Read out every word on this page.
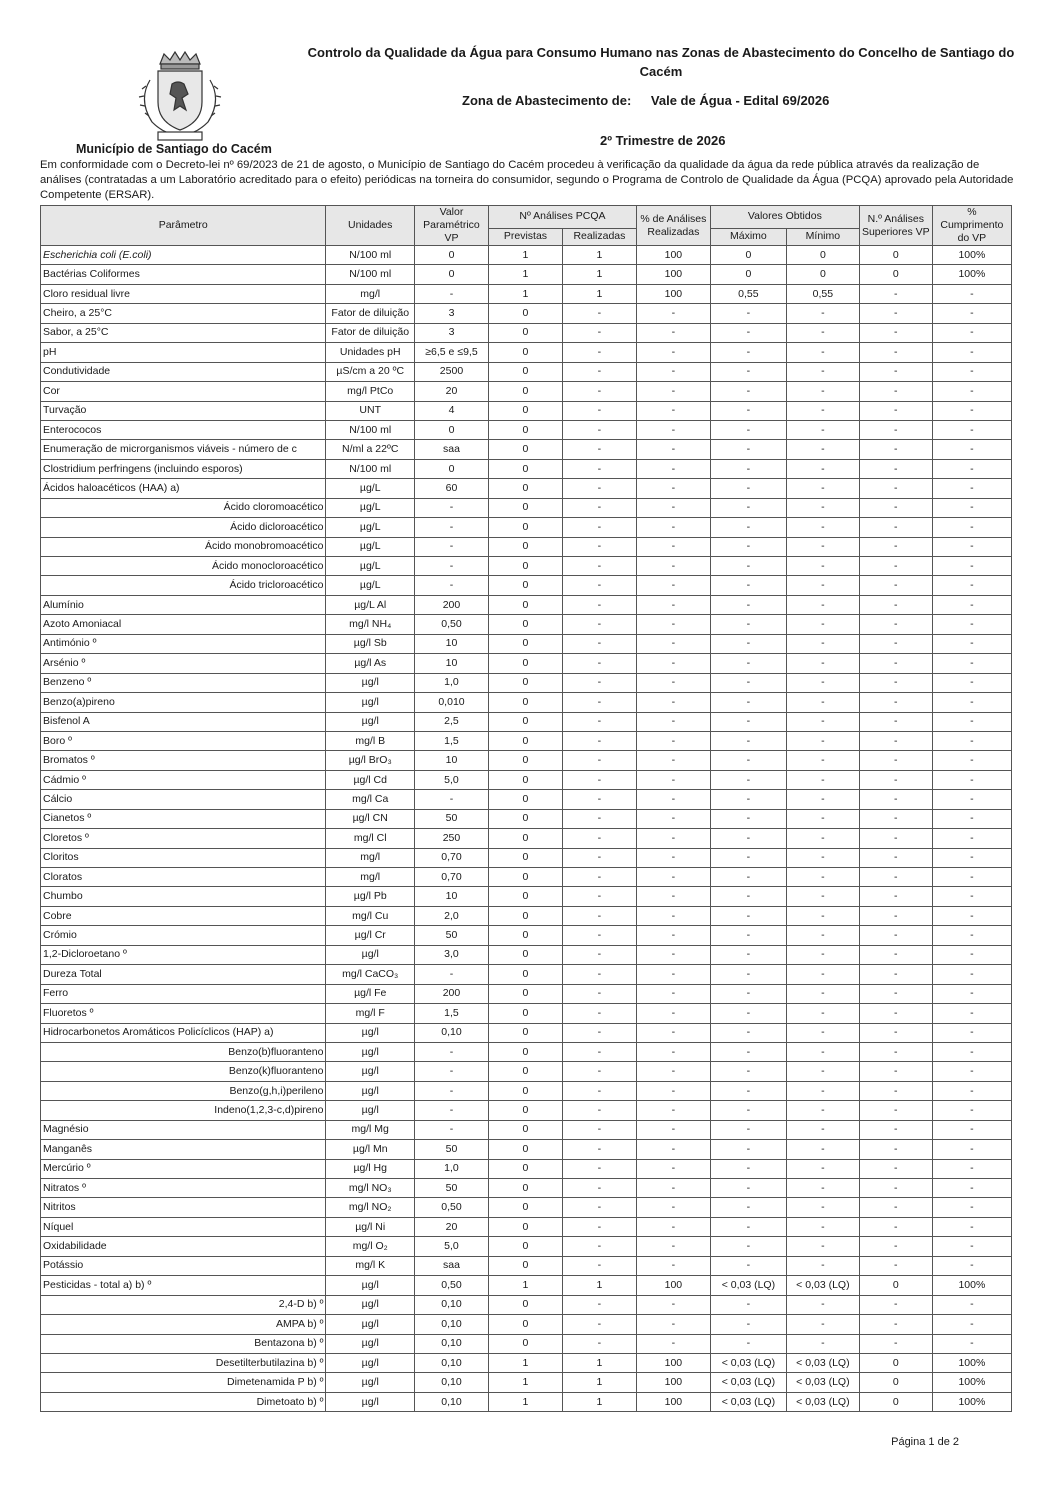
Município de Santiago do Cacém
Controlo da Qualidade da Água para Consumo Humano nas Zonas de Abastecimento do Concelho de Santiago do Cacém
Zona de Abastecimento de: Vale de Água - Edital 69/2026
2º Trimestre de 2026
Em conformidade com o Decreto-lei nº 69/2023 de 21 de agosto, o Município de Santiago do Cacém procedeu à verificação da qualidade da água da rede pública através da realização de análises (contratadas a um Laboratório acreditado para o efeito) periódicas na torneira do consumidor, segundo o Programa de Controlo de Qualidade da Água (PCQA) aprovado pela Autoridade Competente (ERSAR).
Parâmetro	Unidades	Valor Paramétrico VP	Nº Análises PCQA		% de Análises Realizadas	Valores Obtidos		N.º Análises Superiores VP	% Cumprimento do VP
			Previstas	Realizadas		Máximo	Mínimo		
Escherichia coli (E.coli)	N/100 ml	0	1	1	100	0	0	0	100%
Bactérias Coliformes	N/100 ml	0	1	1	100	0	0	0	100%
Cloro residual livre	mg/l	-	1	1	100	0,55	0,55	-	-
Cheiro, a 25°C	Fator de diluição	3	0	-	-	-	-	-	-
Sabor, a 25°C	Fator de diluição	3	0	-	-	-	-	-	-
pH	Unidades pH	≥6,5 e ≤9,5	0	-	-	-	-	-	-
Condutividade	µS/cm a 20 ºC	2500	0	-	-	-	-	-	-
Cor	mg/l PtCo	20	0	-	-	-	-	-	-
Turvação	UNT	4	0	-	-	-	-	-	-
Enterococos	N/100 ml	0	0	-	-	-	-	-	-
Enumeração de microrganismos viáveis - número de c	N/ml a 22ºC	saa	0	-	-	-	-	-	-
Clostridium perfringens (incluindo esporos)	N/100 ml	0	0	-	-	-	-	-	-
Ácidos haloacéticos (HAA) a)	µg/L	60	0	-	-	-	-	-	-
Ácido cloromoacético	µg/L	-	0	-	-	-	-	-	-
Ácido dicloroacético	µg/L	-	0	-	-	-	-	-	-
Ácido monobromoacético	µg/L	-	0	-	-	-	-	-	-
Ácido monocloroacético	µg/L	-	0	-	-	-	-	-	-
Ácido tricloroacético	µg/L	-	0	-	-	-	-	-	-
Alumínio	µg/L Al	200	0	-	-	-	-	-	-
Azoto Amoniacal	mg/l NH₄	0,50	0	-	-	-	-	-	-
Antimónio º	µg/l Sb	10	0	-	-	-	-	-	-
Arsénio º	µg/l As	10	0	-	-	-	-	-	-
Benzeno º	µg/l	1,0	0	-	-	-	-	-	-
Benzo(a)pireno	µg/l	0,010	0	-	-	-	-	-	-
Bisfenol A	µg/l	2,5	0	-	-	-	-	-	-
Boro º	mg/l B	1,5	0	-	-	-	-	-	-
Bromatos º	µg/l BrO₃	10	0	-	-	-	-	-	-
Cádmio º	µg/l Cd	5,0	0	-	-	-	-	-	-
Cálcio	mg/l Ca	-	0	-	-	-	-	-	-
Cianetos º	µg/l CN	50	0	-	-	-	-	-	-
Cloretos º	mg/l Cl	250	0	-	-	-	-	-	-
Cloritos	mg/l	0,70	0	-	-	-	-	-	-
Cloratos	mg/l	0,70	0	-	-	-	-	-	-
Chumbo	µg/l Pb	10	0	-	-	-	-	-	-
Cobre	mg/l Cu	2,0	0	-	-	-	-	-	-
Crómio	µg/l Cr	50	0	-	-	-	-	-	-
1,2-Dicloroetano º	µg/l	3,0	0	-	-	-	-	-	-
Dureza Total	mg/l CaCO₃	-	0	-	-	-	-	-	-
Ferro	µg/l Fe	200	0	-	-	-	-	-	-
Fluoretos º	mg/l F	1,5	0	-	-	-	-	-	-
Hidrocarbonetos Aromáticos Policíclicos (HAP) a)	µg/l	0,10	0	-	-	-	-	-	-
Benzo(b)fluoranteno	µg/l	-	0	-	-	-	-	-	-
Benzo(k)fluoranteno	µg/l	-	0	-	-	-	-	-	-
Benzo(g,h,i)perileno	µg/l	-	0	-	-	-	-	-	-
Indeno(1,2,3-c,d)pireno	µg/l	-	0	-	-	-	-	-	-
Magnésio	mg/l Mg	-	0	-	-	-	-	-	-
Manganês	µg/l Mn	50	0	-	-	-	-	-	-
Mercúrio º	µg/l Hg	1,0	0	-	-	-	-	-	-
Nitratos º	mg/l NO₃	50	0	-	-	-	-	-	-
Nitritos	mg/l NO₂	0,50	0	-	-	-	-	-	-
Níquel	µg/l Ni	20	0	-	-	-	-	-	-
Oxidabilidade	mg/l O₂	5,0	0	-	-	-	-	-	-
Potássio	mg/l K	saa	0	-	-	-	-	-	-
Pesticidas - total a) b) º	µg/l	0,50	1	1	100	< 0,03 (LQ)	< 0,03 (LQ)	0	100%
2,4-D b) º	µg/l	0,10	0	-	-	-	-	-	-
AMPA b) º	µg/l	0,10	0	-	-	-	-	-	-
Bentazona b) º	µg/l	0,10	0	-	-	-	-	-	-
Desetilterbutilazina b) º	µg/l	0,10	1	1	100	< 0,03 (LQ)	< 0,03 (LQ)	0	100%
Dimetenamida P b) º	µg/l	0,10	1	1	100	< 0,03 (LQ)	< 0,03 (LQ)	0	100%
Dimetoato b) º	µg/l	0,10	1	1	100	< 0,03 (LQ)	< 0,03 (LQ)	0	100%
Página 1 de 2
